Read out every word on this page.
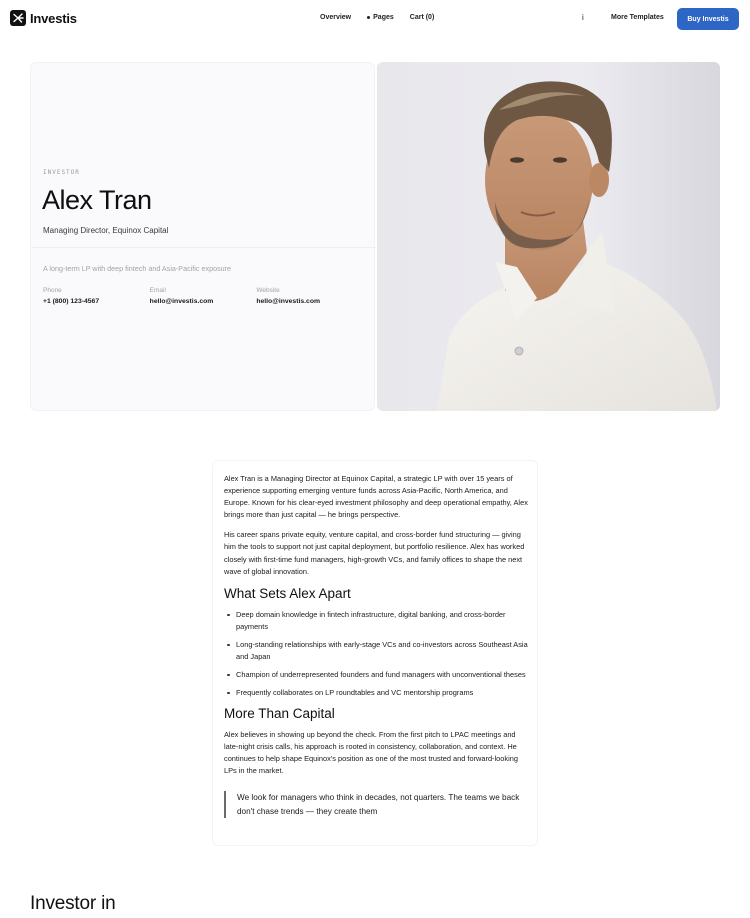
Investis	Overview	Pages Cart (0)	i	More Templates	Buy Investis
INVESTOR
Alex Tran
Managing Director, Equinox Capital
A long-term LP with deep fintech and Asia-Pacific exposure
Phone
+1 (800) 123-4567
Email
hello@investis.com
Website
hello@investis.com

Alex Tran is a Managing Director at Equinox Capital, a strategic LP with over 15 years of experience supporting emerging venture funds across Asia-Pacific, North America, and Europe. Known for his clear-eyed investment philosophy and deep operational empathy, Alex brings more than just capital — he brings perspective.

His career spans private equity, venture capital, and cross-border fund structuring — giving him the tools to support not just capital deployment, but portfolio resilience. Alex has worked closely with first-time fund managers, high-growth VCs, and family offices to shape the next wave of global innovation.

What Sets Alex Apart
Deep domain knowledge in fintech infrastructure, digital banking, and cross-border payments
Long-standing relationships with early-stage VCs and co-investors across Southeast Asia and Japan
Champion of underrepresented founders and fund managers with unconventional theses
Frequently collaborates on LP roundtables and VC mentorship programs
More Than Capital

Alex believes in showing up beyond the check. From the first pitch to LPAC meetings and late-night crisis calls, his approach is rooted in consistency, collaboration, and context. He continues to help shape Equinox's position as one of the most trusted and forward-looking LPs in the market.

We look for managers who think in decades, not quarters. The teams we back don't chase trends — they create them
Investor in
